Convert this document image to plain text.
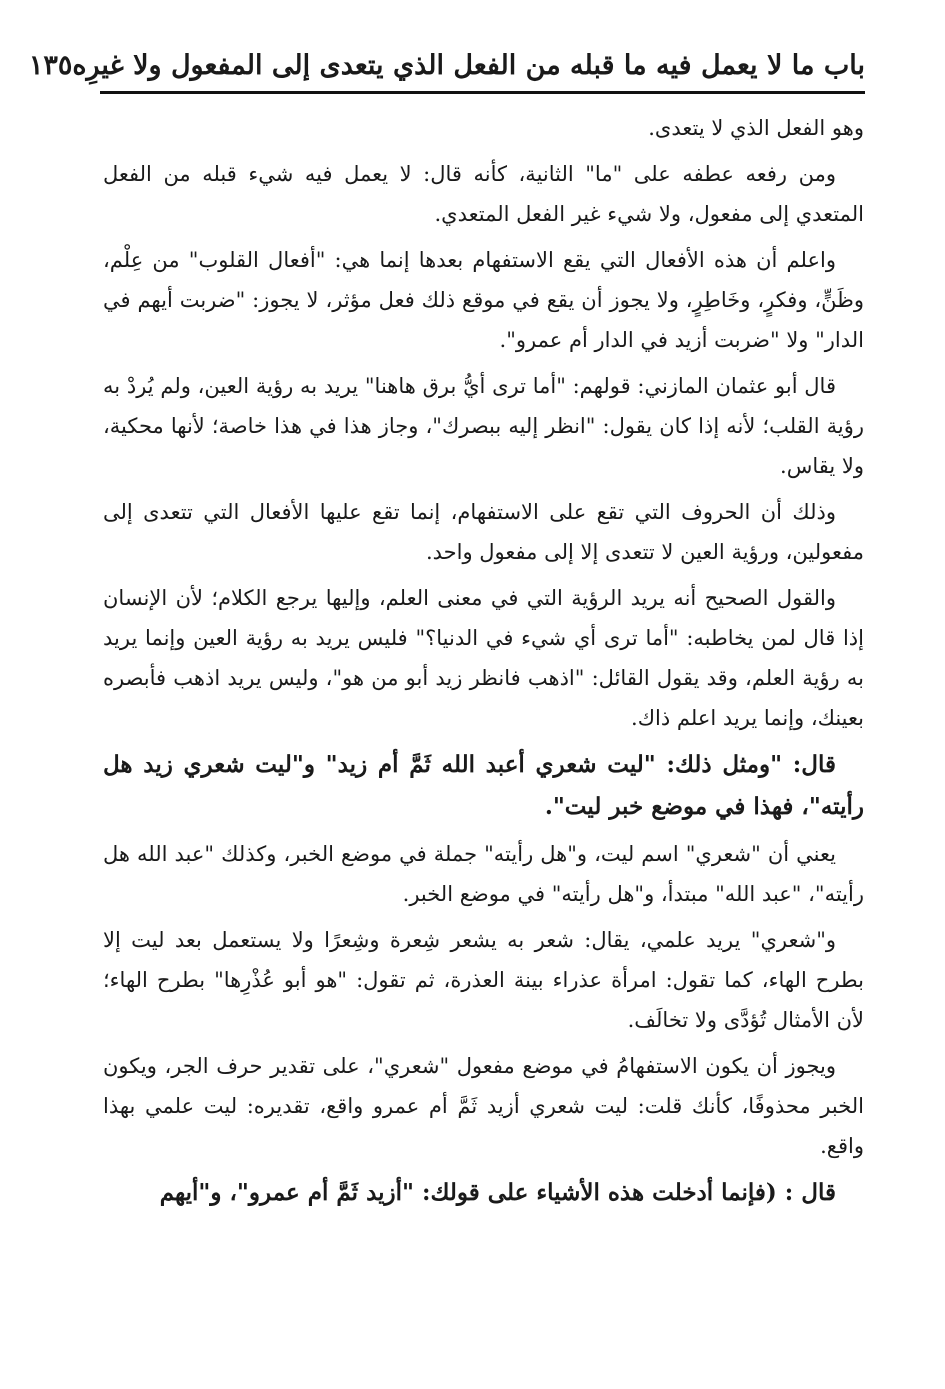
باب ما لا يعمل فيه ما قبله من الفعل الذي يتعدى إلى المفعول ولا غيرِه
١٣٥

وهو الفعل الذي لا يتعدى.

ومن رفعه عطفه على "ما" الثانية، كأنه قال: لا يعمل فيه شيء قبله من الفعل المتعدي إلى مفعول، ولا شيء غير الفعل المتعدي.

واعلم أن هذه الأفعال التي يقع الاستفهام بعدها إنما هي: "أفعال القلوب" من عِلْم، وظَنٍّ، وفكرٍ، وخَاطِرٍ، ولا يجوز أن يقع في موقع ذلك فعل مؤثر، لا يجوز: "ضربت أيهم في الدار" ولا "ضربت أزيد في الدار أم عمرو".

قال أبو عثمان المازني: قولهم: "أما ترى أيُّ برق هاهنا" يريد به رؤية العين، ولم يُردْ به رؤية القلب؛ لأنه إذا كان يقول: "انظر إليه ببصرك"، وجاز هذا في هذا خاصة؛ لأنها محكية، ولا يقاس.

وذلك أن الحروف التي تقع على الاستفهام، إنما تقع عليها الأفعال التي تتعدى إلى مفعولين، ورؤية العين لا تتعدى إلا إلى مفعول واحد.

والقول الصحيح أنه يريد الرؤية التي في معنى العلم، وإليها يرجع الكلام؛ لأن الإنسان إذا قال لمن يخاطبه: "أما ترى أي شيء في الدنيا؟" فليس يريد به رؤية العين وإنما يريد به رؤية العلم، وقد يقول القائل: "اذهب فانظر زيد أبو من هو"، وليس يريد اذهب فأبصره بعينك، وإنما يريد اعلم ذاك.

قال: "ومثل ذلك: "ليت شعري أعبد الله ثَمَّ أم زيد" و"ليت شعري زيد هل رأيته"، فهذا في موضع خبر ليت".

يعني أن "شعري" اسم ليت، و"هل رأيته" جملة في موضع الخبر، وكذلك "عبد الله هل رأيته"، "عبد الله" مبتدأ، و"هل رأيته" في موضع الخبر.

و"شعري" يريد علمي، يقال: شعر به يشعر شِعرة وشِعرًا ولا يستعمل بعد ليت إلا بطرح الهاء، كما تقول: امرأة عذراء بينة العذرة، ثم تقول: "هو أبو عُذْرِها" بطرح الهاء؛ لأن الأمثال تُؤدَّى ولا تخالَف.

ويجوز أن يكون الاستفهامُ في موضع مفعول "شعري"، على تقدير حرف الجر، ويكون الخبر محذوفًا، كأنك قلت: ليت شعري أزيد ثَمَّ أم عمرو واقع، تقديره: ليت علمي بهذا واقع.

قال : (فإنما أدخلت هذه الأشياء على قولك: "أزيد ثَمَّ أم عمرو"، و"أيهم
